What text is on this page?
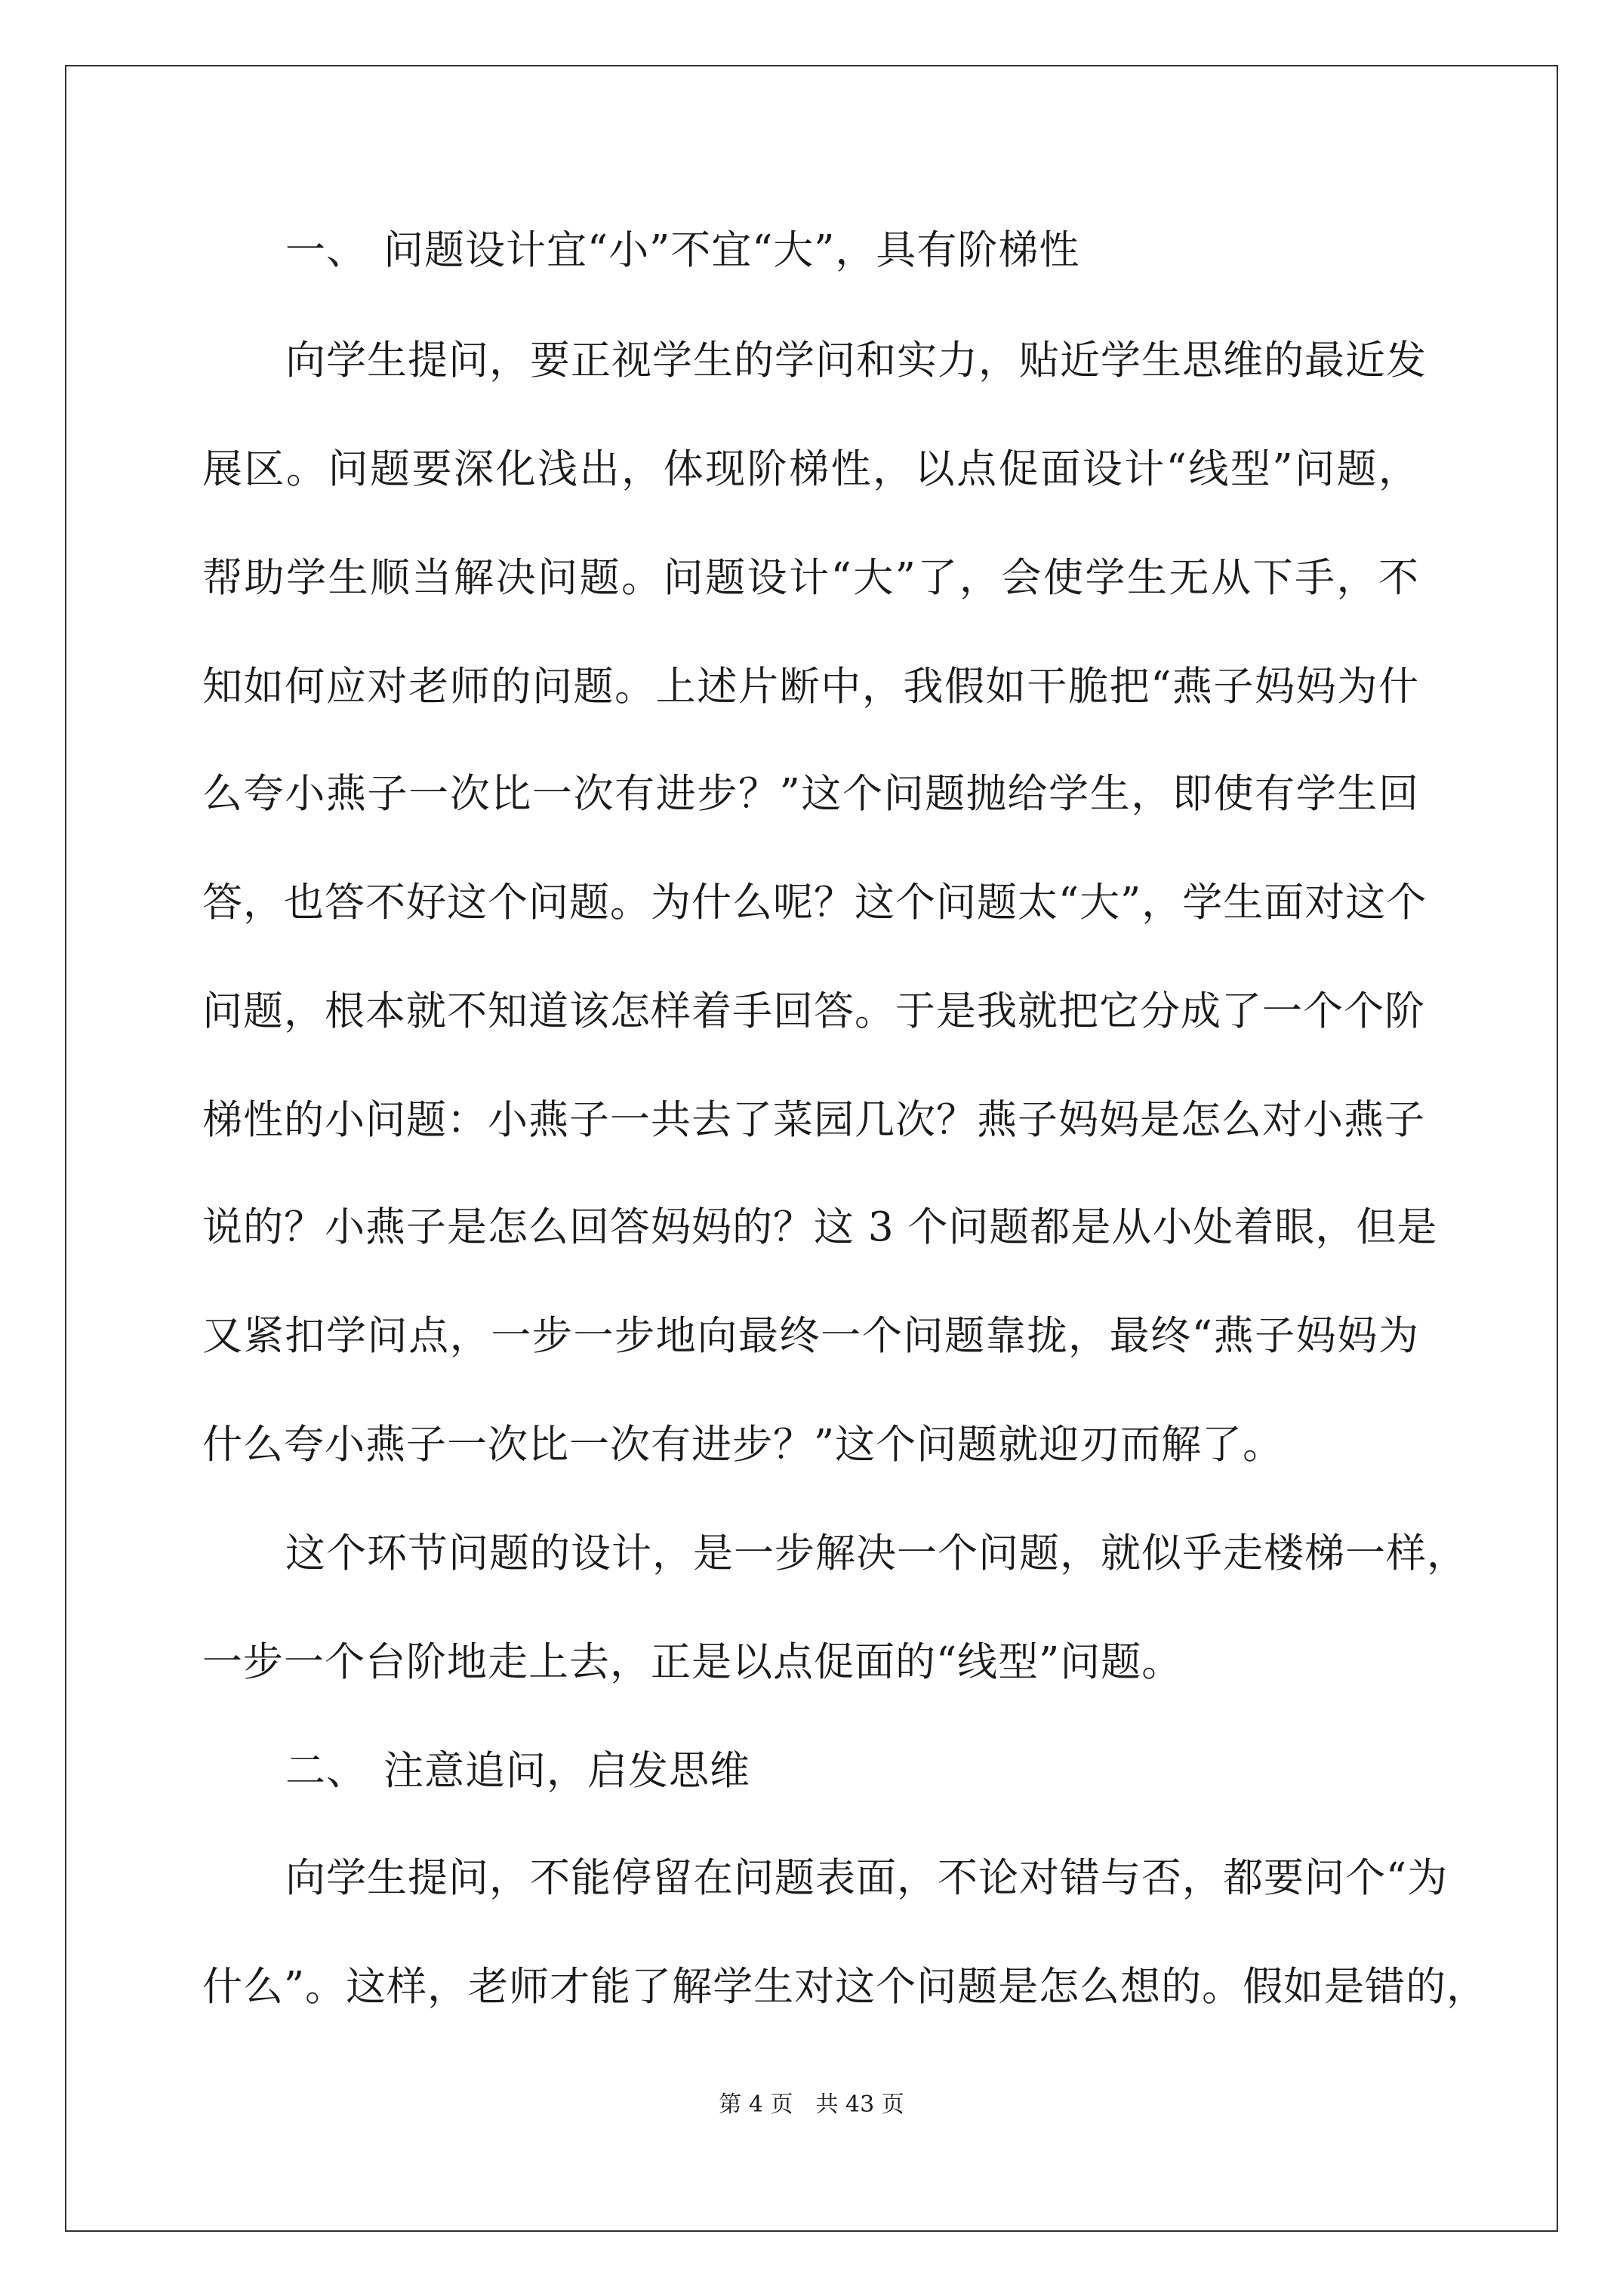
一、 问题设计宜“小”不宜“大”，具有阶梯性
向学生提问，要正视学生的学问和实力，贴近学生思维的最近发
展区。问题要深化浅出，体现阶梯性，以点促面设计“线型”问题，
帮助学生顺当解决问题。问题设计“大”了，会使学生无从下手，不
知如何应对老师的问题。上述片断中，我假如干脆把“燕子妈妈为什
么夸小燕子一次比一次有进步？”这个问题抛给学生，即使有学生回
答，也答不好这个问题。为什么呢？这个问题太“大”，学生面对这个
问题，根本就不知道该怎样着手回答。于是我就把它分成了一个个阶
梯性的小问题：小燕子一共去了菜园几次？燕子妈妈是怎么对小燕子
说的？小燕子是怎么回答妈妈的？这 3 个问题都是从小处着眼，但是
又紧扣学问点，一步一步地向最终一个问题靠拢，最终“燕子妈妈为
什么夸小燕子一次比一次有进步？”这个问题就迎刃而解了。
这个环节问题的设计，是一步解决一个问题，就似乎走楼梯一样，
一步一个台阶地走上去，正是以点促面的“线型”问题。
二、 注意追问，启发思维
向学生提问，不能停留在问题表面，不论对错与否，都要问个“为
什么”。这样，老师才能了解学生对这个问题是怎么想的。假如是错的，
第 4 页　共 43 页
